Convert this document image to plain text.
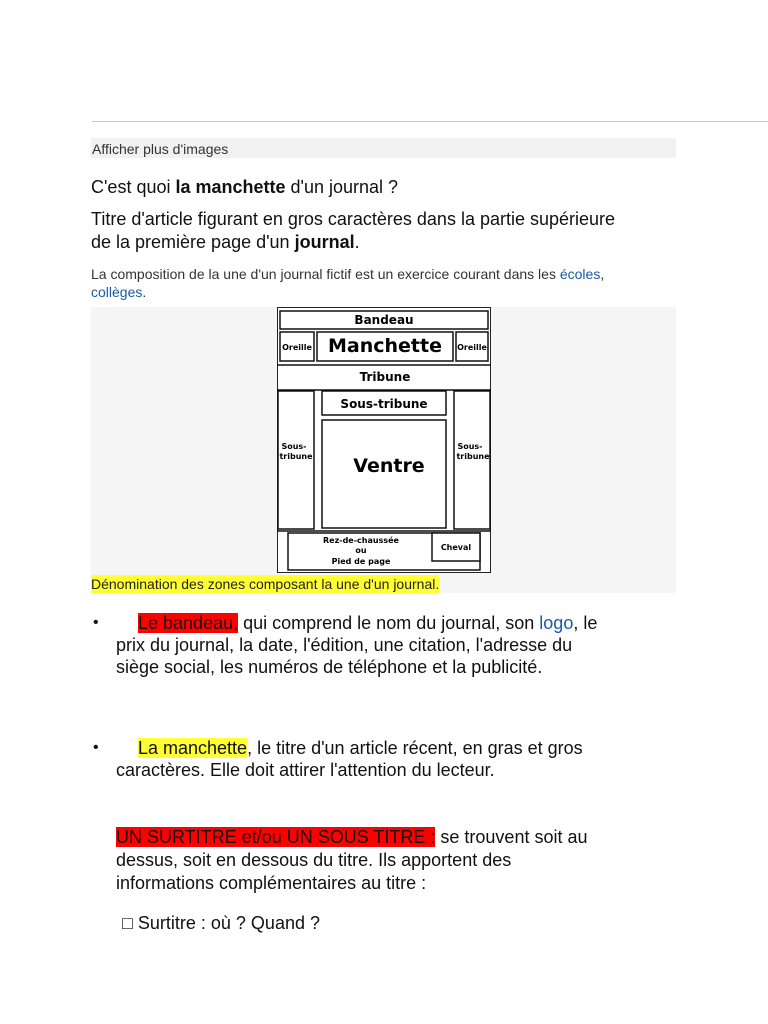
Afficher plus d'images
C'est quoi la manchette d'un journal ?
Titre d'article figurant en gros caractères dans la partie supérieure de la première page d'un journal.
La composition de la une d'un journal fictif est un exercice courant dans les écoles, collèges.
Bandeau
Oreille Manchette Oreille
Tribune
Sous-
tribune
Sous-tribune
Ventre
Sous-
tribune
Rez-de-chaussée
ou
Pied de page
Cheval
Dénomination des zones composant la une d'un journal.
•	Le bandeau, qui comprend le nom du journal, son logo, le
prix du journal, la date, l'édition, une citation, l'adresse du
siège social, les numéros de téléphone et la publicité.
•	La manchette, le titre d'un article récent, en gras et gros
caractères. Elle doit attirer l'attention du lecteur.
UN SURTITRE et/ou UN SOUS TITRE : se trouvent soit au
dessus, soit en dessous du titre. Ils apportent des
informations complémentaires au titre :
□ Surtitre : où ? Quand ?
